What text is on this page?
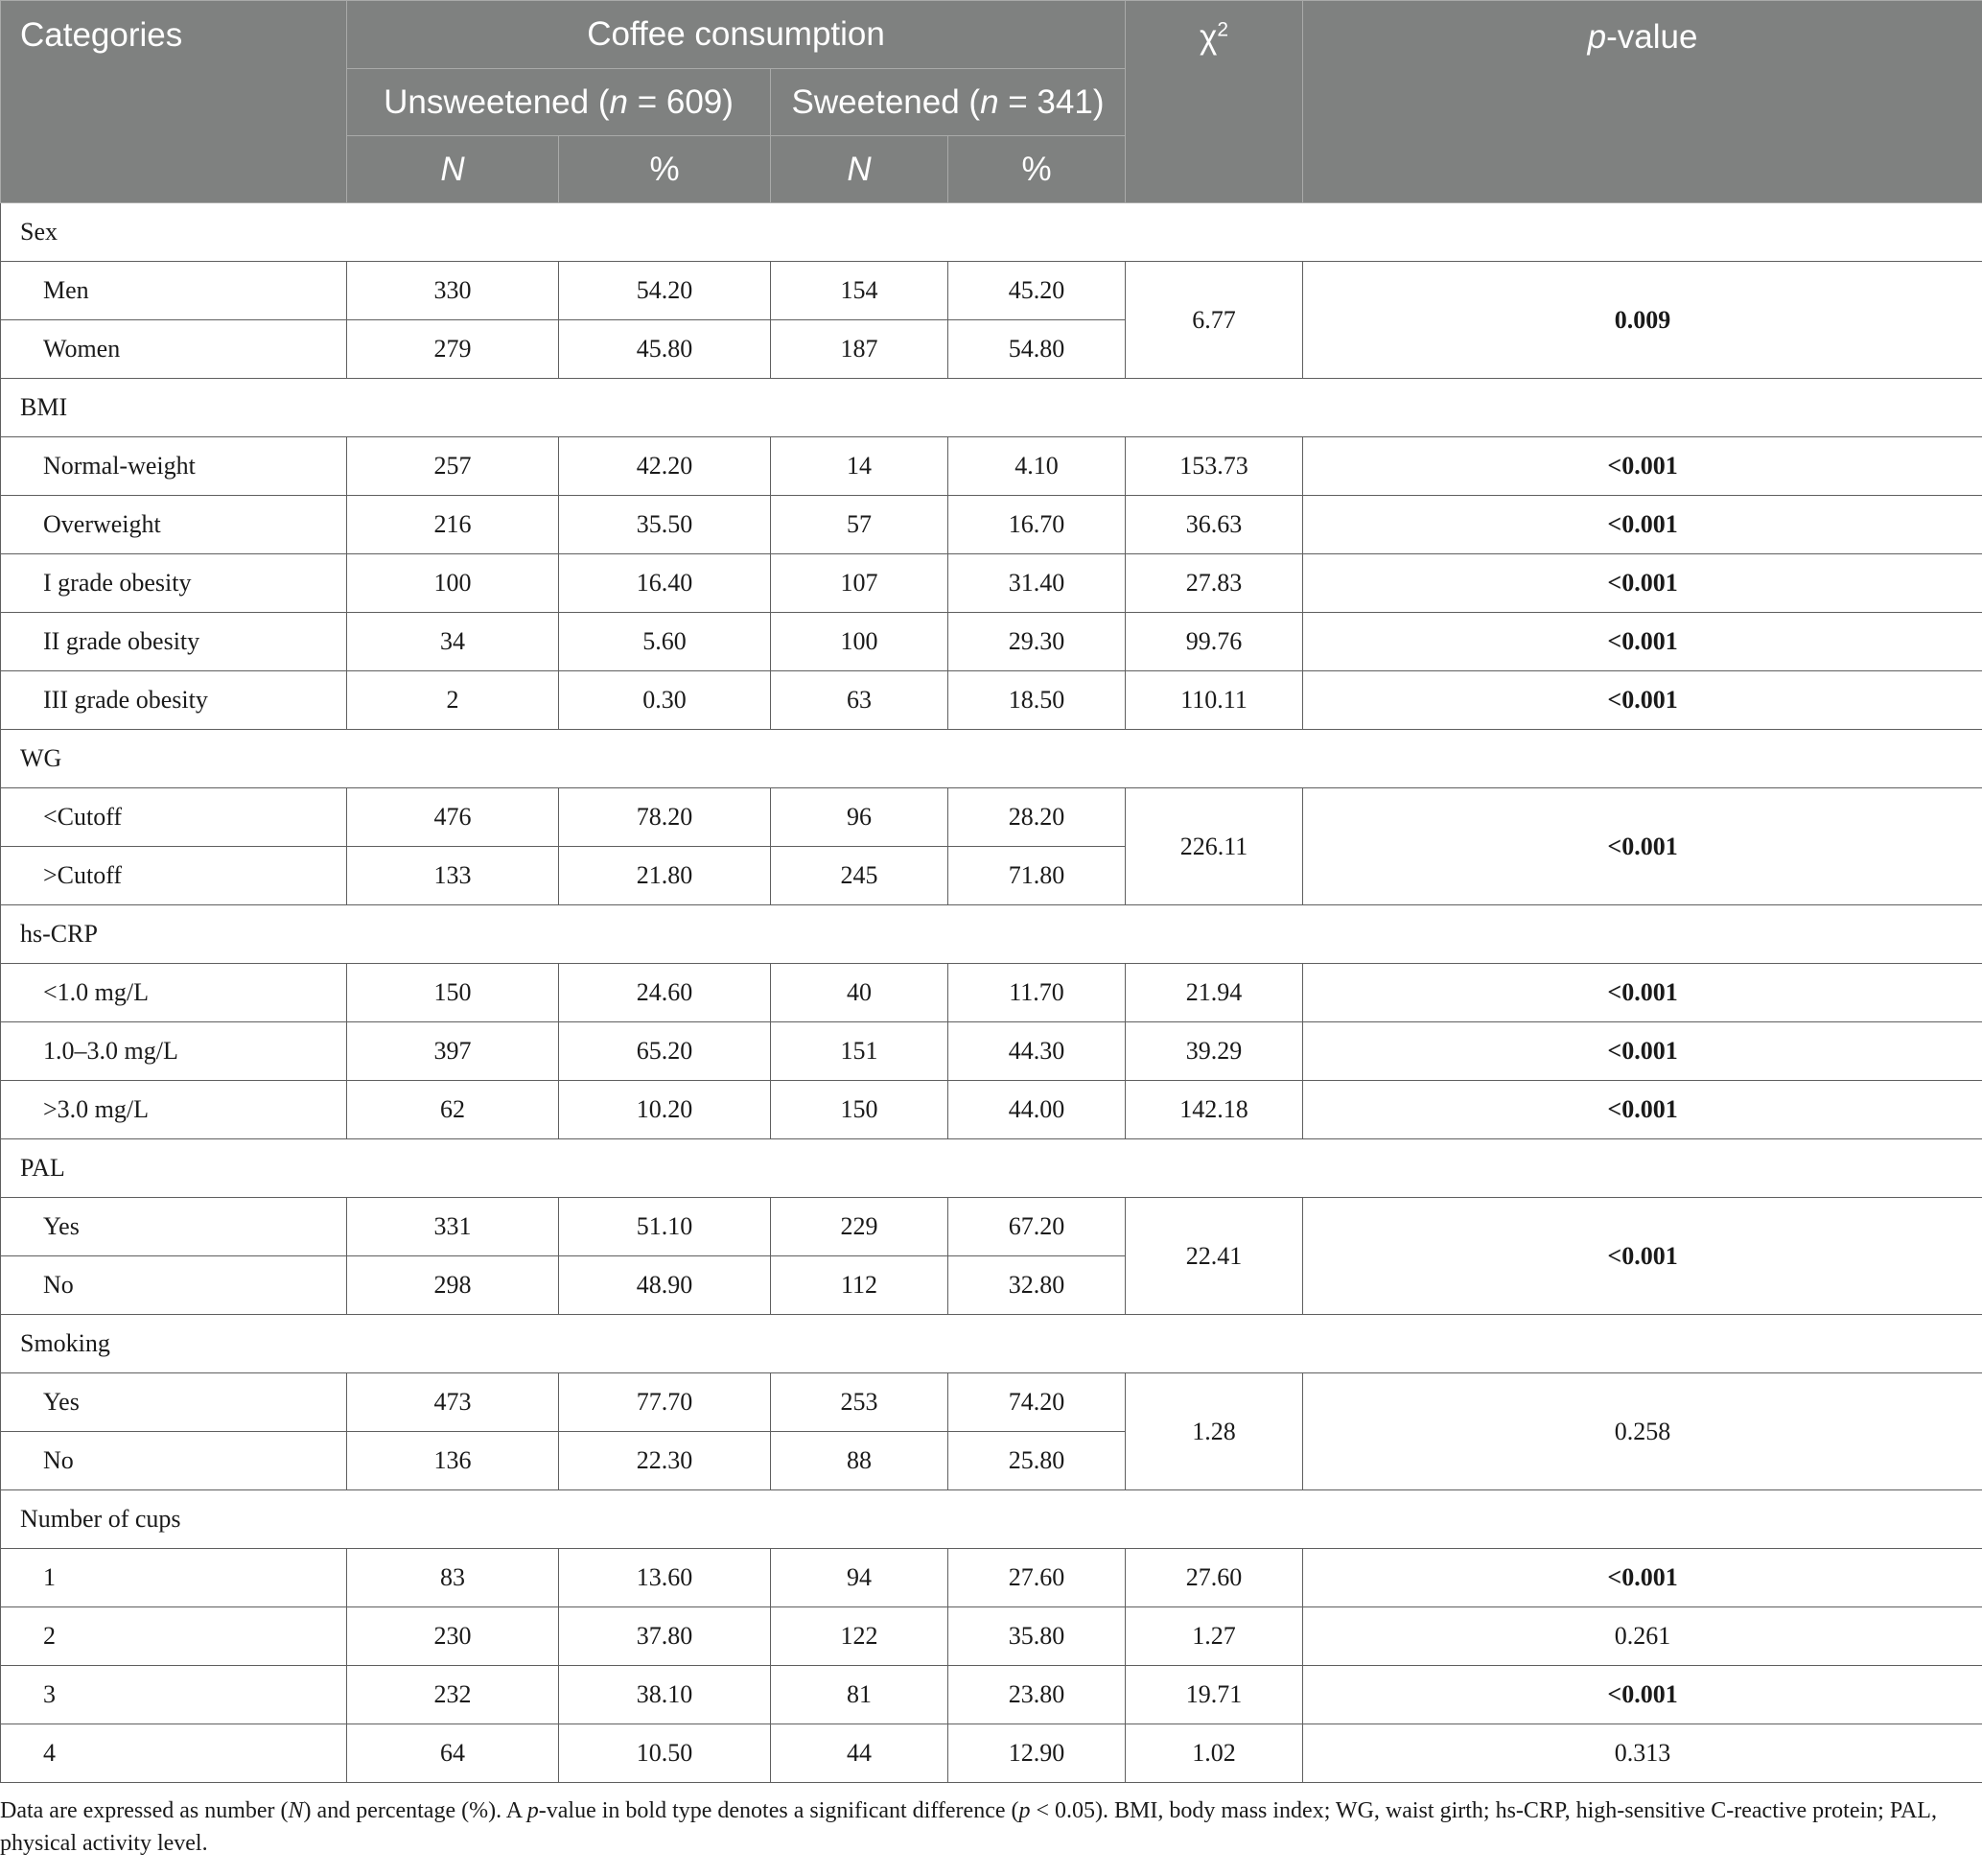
Categories	Coffee consumption				$\chi^2$	p-value
	Unsweetened (n = 609)		Sweetened (n = 341)			
	N	%	N	%		
Sex						
Men	330	54.20	154	45.20	6.77	0.009
Women	279	45.80	187	54.80		
BMI						
Normal-weight	257	42.20	14	4.10	153.73	<0.001
Overweight	216	35.50	57	16.70	36.63	<0.001
I grade obesity	100	16.40	107	31.40	27.83	<0.001
II grade obesity	34	5.60	100	29.30	99.76	<0.001
III grade obesity	2	0.30	63	18.50	110.11	<0.001
WG						
<Cutoff	476	78.20	96	28.20	226.11	<0.001
>Cutoff	133	21.80	245	71.80		
hs-CRP						
<1.0 mg/L	150	24.60	40	11.70	21.94	<0.001
1.0–3.0 mg/L	397	65.20	151	44.30	39.29	<0.001
>3.0 mg/L	62	10.20	150	44.00	142.18	<0.001
PAL						
Yes	331	51.10	229	67.20	22.41	<0.001
No	298	48.90	112	32.80		
Smoking						
Yes	473	77.70	253	74.20	1.28	0.258
No	136	22.30	88	25.80		
Number of cups						
1	83	13.60	94	27.60	27.60	<0.001
2	230	37.80	122	35.80	1.27	0.261
3	232	38.10	81	23.80	19.71	<0.001
4	64	10.50	44	12.90	1.02	0.313

Data are expressed as number (N) and percentage (%). A p-value in bold type denotes a significant difference (p < 0.05). BMI, body mass index; WG, waist girth; hs-CRP, high-sensitive C-reactive protein; PAL, physical activity level.
